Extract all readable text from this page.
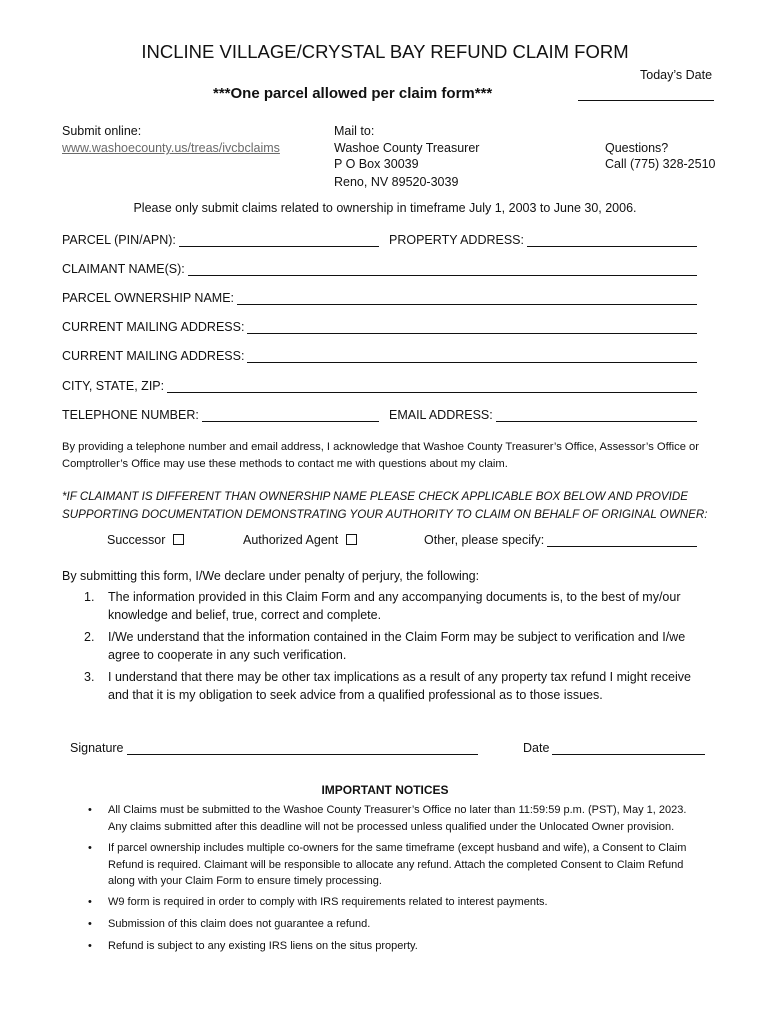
INCLINE VILLAGE/CRYSTAL BAY REFUND CLAIM FORM
Today’s Date
***One parcel allowed per claim form***
Submit online:
www.washoecounty.us/treas/ivcbclaims
Mail to:
Washoe County Treasurer
P O Box 30039
Reno, NV 89520-3039
Questions?
Call (775) 328-2510
Please only submit claims related to ownership in timeframe July 1, 2003 to June 30, 2006.
PARCEL (PIN/APN):	PROPERTY ADDRESS:
CLAIMANT NAME(S):
PARCEL OWNERSHIP NAME:
CURRENT MAILING ADDRESS:
CURRENT MAILING ADDRESS:
CITY, STATE, ZIP:
TELEPHONE NUMBER:	EMAIL ADDRESS:
By providing a telephone number and email address, I acknowledge that Washoe County Treasurer’s Office, Assessor’s Office or
Comptroller’s Office may use these methods to contact me with questions about my claim.
*IF CLAIMANT IS DIFFERENT THAN OWNERSHIP NAME PLEASE CHECK APPLICABLE BOX BELOW AND PROVIDE
SUPPORTING DOCUMENTATION DEMONSTRATING YOUR AUTHORITY TO CLAIM ON BEHALF OF ORIGINAL OWNER:
Successor	Authorized Agent	Other, please specify:
By submitting this form, I/We declare under penalty of perjury, the following:
1. The information provided in this Claim Form and any accompanying documents is, to the best of my/our
knowledge and belief, true, correct and complete.
2. I/We understand that the information contained in the Claim Form may be subject to verification and I/we
agree to cooperate in any such verification.
3. I understand that there may be other tax implications as a result of any property tax refund I might receive
and that it is my obligation to seek advice from a qualified professional as to those issues.
Signature	Date
IMPORTANT NOTICES
• All Claims must be submitted to the Washoe County Treasurer’s Office no later than 11:59:59 p.m. (PST), May 1, 2023.
Any claims submitted after this deadline will not be processed unless qualified under the Unlocated Owner provision.
• If parcel ownership includes multiple co-owners for the same timeframe (except husband and wife), a Consent to Claim
Refund is required. Claimant will be responsible to allocate any refund. Attach the completed Consent to Claim Refund
along with your Claim Form to ensure timely processing.
• W9 form is required in order to comply with IRS requirements related to interest payments.
• Submission of this claim does not guarantee a refund.
• Refund is subject to any existing IRS liens on the situs property.
